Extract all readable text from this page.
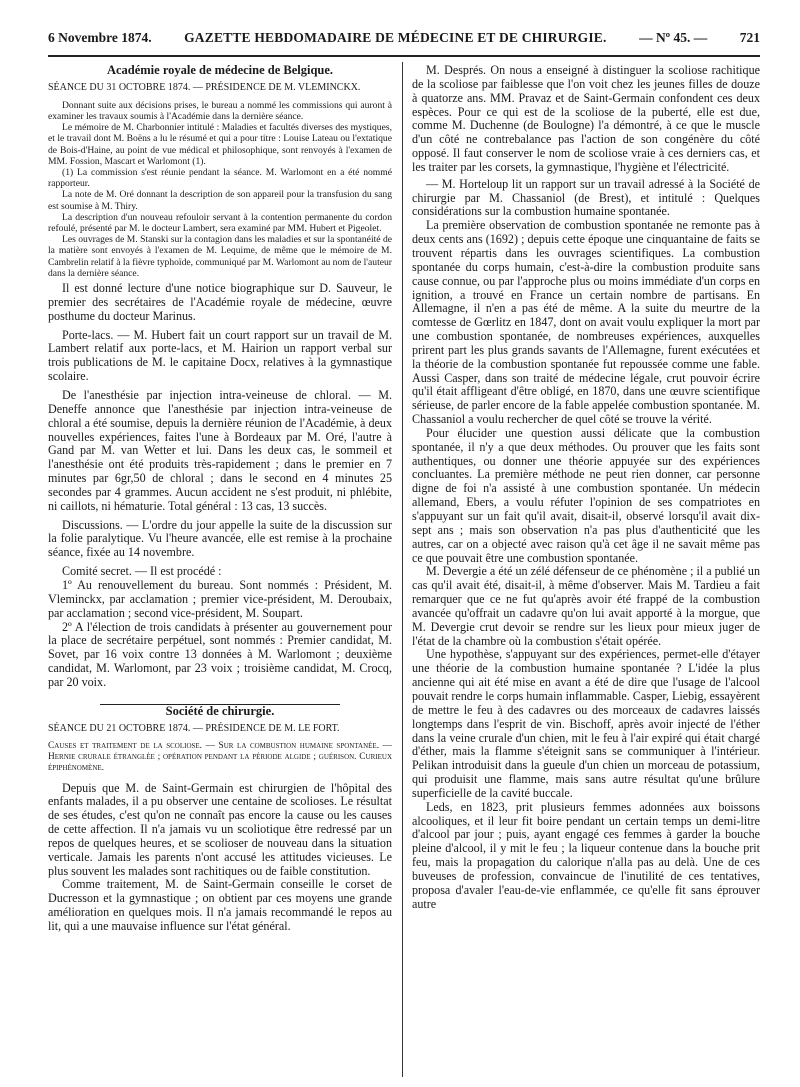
6 Novembre 1874. GAZETTE HEBDOMADAIRE DE MÉDECINE ET DE CHIRURGIE. — Nº 45. — 721

Académie royale de médecine de Belgique.

SÉANCE DU 31 OCTOBRE 1874. — PRÉSIDENCE DE M. VLEMINCKX.

Donnant suite aux décisions prises, le bureau a nommé les commissions qui auront à examiner les travaux soumis à l'Académie dans la dernière séance.

Le mémoire de M. Charbonnier intitulé : Maladies et facultés diverses des mystiques, et le travail dont M. Boëns a lu le résumé et qui a pour titre : Louise Lateau ou l'extatique de Bois-d'Haine, au point de vue médical et philosophique, sont renvoyés à l'examen de MM. Fossion, Mascart et Warlomont (1).

(1) La commission s'est réunie pendant la séance. M. Warlomont en a été nommé rapporteur.

La note de M. Oré donnant la description de son appareil pour la transfusion du sang est soumise à M. Thiry.

La description d'un nouveau refouloir servant à la contention permanente du cordon refoulé, présenté par M. le docteur Lambert, sera examiné par MM. Hubert et Pigeolet.

Les ouvrages de M. Stanski sur la contagion dans les maladies et sur la spontanéité de la matière sont envoyés à l'examen de M. Lequime, de même que le mémoire de M. Cambrelin relatif à la fièvre typhoïde, communiqué par M. Warlomont au nom de l'auteur dans la dernière séance.

Il est donné lecture d'une notice biographique sur D. Sauveur, le premier des secrétaires de l'Académie royale de médecine, œuvre posthume du docteur Marinus.

Porte-lacs. — M. Hubert fait un court rapport sur un travail de M. Lambert relatif aux porte-lacs, et M. Hairion un rapport verbal sur trois publications de M. le capitaine Docx, relatives à la gymnastique scolaire.

De l'anesthésie par injection intra-veineuse de chloral. — M. Deneffe annonce que l'anesthésie par injection intra-veineuse de chloral a été soumise, depuis la dernière réunion de l'Académie, à deux nouvelles expériences, faites l'une à Bordeaux par M. Oré, l'autre à Gand par M. van Wetter et lui. Dans les deux cas, le sommeil et l'anesthésie ont été produits très-rapidement ; dans le premier en 7 minutes par 6gr,50 de chloral ; dans le second en 4 minutes 25 secondes par 4 grammes. Aucun accident ne s'est produit, ni phlébite, ni caillots, ni hématurie. Total général : 13 cas, 13 succès.

Discussions. — L'ordre du jour appelle la suite de la discussion sur la folie paralytique. Vu l'heure avancée, elle est remise à la prochaine séance, fixée au 14 novembre.

Comité secret. — Il est procédé :

1º Au renouvellement du bureau. Sont nommés : Président, M. Vleminckx, par acclamation ; premier vice-président, M. Deroubaix, par acclamation ; second vice-président, M. Soupart.

2º A l'élection de trois candidats à présenter au gouvernement pour la place de secrétaire perpétuel, sont nommés : Premier candidat, M. Sovet, par 16 voix contre 13 données à M. Warlomont ; deuxième candidat, M. Warlomont, par 23 voix ; troisième candidat, M. Crocq, par 20 voix.

Société de chirurgie.

SÉANCE DU 21 OCTOBRE 1874. — PRÉSIDENCE DE M. LE FORT.

Causes et traitement de la scoliose. — Sur la combustion humaine spontanée. — Hernie crurale étranglée ; opération pendant la période algide ; guérison. Curieux épiphénomène.

Depuis que M. de Saint-Germain est chirurgien de l'hôpital des enfants malades, il a pu observer une centaine de scolioses. Le résultat de ses études, c'est qu'on ne connaît pas encore la cause ou les causes de cette affection. Il n'a jamais vu un scoliotique être redressé par un repos de quelques heures, et se scolioser de nouveau dans la situation verticale. Jamais les parents n'ont accusé les attitudes vicieuses. Le plus souvent les malades sont rachitiques ou de faible constitution.

Comme traitement, M. de Saint-Germain conseille le corset de Ducresson et la gymnastique ; on obtient par ces moyens une grande amélioration en quelques mois. Il n'a jamais recommandé le repos au lit, qui a une mauvaise influence sur l'état général.

M. Després. On nous a enseigné à distinguer la scoliose rachitique de la scoliose par faiblesse que l'on voit chez les jeunes filles de douze à quatorze ans. MM. Pravaz et de Saint-Germain confondent ces deux espèces. Pour ce qui est de la scoliose de la puberté, elle est due, comme M. Duchenne (de Boulogne) l'a démontré, à ce que le muscle d'un côté ne contrebalance pas l'action de son congénère du côté opposé. Il faut conserver le nom de scoliose vraie à ces derniers cas, et les traiter par les corsets, la gymnastique, l'hygiène et l'électricité.

— M. Horteloup lit un rapport sur un travail adressé à la Société de chirurgie par M. Chassaniol (de Brest), et intitulé : Quelques considérations sur la combustion humaine spontanée.

La première observation de combustion spontanée ne remonte pas à deux cents ans (1692) ; depuis cette époque une cinquantaine de faits se trouvent répartis dans les ouvrages scientifiques. La combustion spontanée du corps humain, c'est-à-dire la combustion produite sans cause connue, ou par l'approche plus ou moins immédiate d'un corps en ignition, a trouvé en France un certain nombre de partisans. En Allemagne, il n'en a pas été de même. A la suite du meurtre de la comtesse de Gœrlitz en 1847, dont on avait voulu expliquer la mort par une combustion spontanée, de nombreuses expériences, auxquelles prirent part les plus grands savants de l'Allemagne, furent exécutées et la théorie de la combustion spontanée fut repoussée comme une fable. Aussi Casper, dans son traité de médecine légale, crut pouvoir écrire qu'il était affligeant d'être obligé, en 1870, dans une œuvre scientifique sérieuse, de parler encore de la fable appelée combustion spontanée. M. Chassaniol a voulu rechercher de quel côté se trouve la vérité.

Pour élucider une question aussi délicate que la combustion spontanée, il n'y a que deux méthodes. Ou prouver que les faits sont authentiques, ou donner une théorie appuyée sur des expériences concluantes. La première méthode ne peut rien donner, car personne digne de foi n'a assisté à une combustion spontanée. Un médecin allemand, Ebers, a voulu réfuter l'opinion de ses compatriotes en s'appuyant sur un fait qu'il avait, disait-il, observé lorsqu'il avait dix-sept ans ; mais son observation n'a pas plus d'authenticité que les autres, car on a objecté avec raison qu'à cet âge il ne savait même pas ce que pouvait être une combustion spontanée.

M. Devergie a été un zélé défenseur de ce phénomène ; il a publié un cas qu'il avait été, disait-il, à même d'observer. Mais M. Tardieu a fait remarquer que ce ne fut qu'après avoir été frappé de la combustion avancée qu'offrait un cadavre qu'on lui avait apporté à la morgue, que M. Devergie crut devoir se rendre sur les lieux pour mieux juger de l'état de la chambre où la combustion s'était opérée.

Une hypothèse, s'appuyant sur des expériences, permet-elle d'étayer une théorie de la combustion humaine spontanée ? L'idée la plus ancienne qui ait été mise en avant a été de dire que l'usage de l'alcool pouvait rendre le corps humain inflammable. Casper, Liebig, essayèrent de mettre le feu à des cadavres ou des morceaux de cadavres laissés longtemps dans l'esprit de vin. Bischoff, après avoir injecté de l'éther dans la veine crurale d'un chien, mit le feu à l'air expiré qui était chargé d'éther, mais la flamme s'éteignit sans se communiquer à l'intérieur. Pelikan introduisit dans la gueule d'un chien un morceau de potassium, qui produisit une flamme, mais sans autre résultat qu'une brûlure superficielle de la cavité buccale.

Leds, en 1823, prit plusieurs femmes adonnées aux boissons alcooliques, et il leur fit boire pendant un certain temps un demi-litre d'alcool par jour ; puis, ayant engagé ces femmes à garder la bouche pleine d'alcool, il y mit le feu ; la liqueur contenue dans la bouche prit feu, mais la propagation du calorique n'alla pas au delà. Une de ces buveuses de profession, convaincue de l'inutilité de ces tentatives, proposa d'avaler l'eau-de-vie enflammée, ce qu'elle fit sans éprouver autre
